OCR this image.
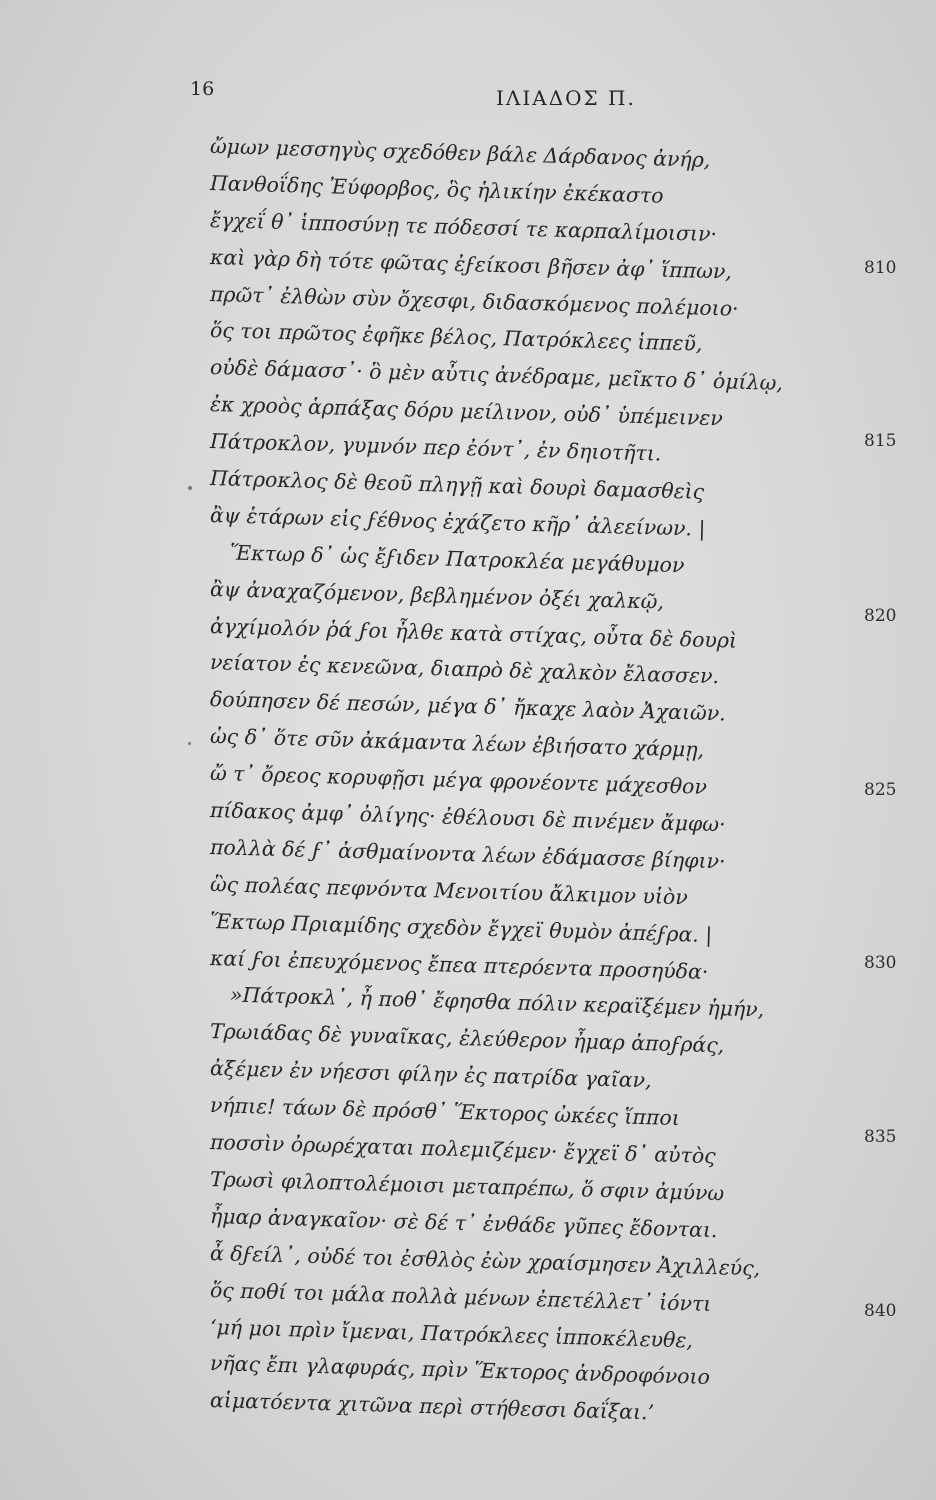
16	ΙΛΙΑΔΟΣ Π.
ὤμων μεσσηγὺς σχεδόθεν βάλε Δάρδανος ἀνήρ,
Πανθοΐδης Ἐύφορβος, ὃς ἡλικίην ἐκέκαστο
ἔγχεΐ θ᾽ ἱπποσύνῃ τε πόδεσσί τε καρπαλίμοισιν·
καὶ γὰρ δὴ τότε φῶτας ἐϝείκοσι βῆσεν ἀφ᾽ ἵππων,
πρῶτ᾽ ἐλθὼν σὺν ὄχεσφι, διδασκόμενος πολέμοιο·
ὅς τοι πρῶτος ἐφῆκε βέλος, Πατρόκλεες ἱππεῦ,
οὐδὲ δάμασσ᾽· ὃ μὲν αὖτις ἀνέδραμε, μεῖκτο δ᾽ ὁμίλῳ,
ἐκ χροὸς ἁρπάξας δόρυ μείλινον, οὐδ᾽ ὑπέμεινεν
Πάτροκλον, γυμνόν περ ἐόντ᾽, ἐν δηιοτῆτι.
Πάτροκλος δὲ θεοῦ πληγῇ καὶ δουρὶ δαμασθεὶς
ἂψ ἑτάρων εἰς ϝέθνος ἐχάζετο κῆρ᾽ ἀλεείνων. |
Ἕκτωρ δ᾽ ὡς ἔϝιδεν Πατροκλέα μεγάθυμον
ἂψ ἀναχαζόμενον, βεβλημένον ὀξέι χαλκῷ,
ἀγχίμολόν ῥά ϝοι ἦλθε κατὰ στίχας, οὖτα δὲ δουρὶ
νείατον ἐς κενεῶνα, διαπρὸ δὲ χαλκὸν ἔλασσεν.
δούπησεν δέ πεσών, μέγα δ᾽ ἤκαχε λαὸν Ἀχαιῶν.
ὡς δ᾽ ὅτε σῦν ἀκάμαντα λέων ἐβιήσατο χάρμῃ,
ὤ τ᾽ ὄρεος κορυφῇσι μέγα φρονέοντε μάχεσθον
πίδακος ἀμφ᾽ ὀλίγης· ἐθέλουσι δὲ πινέμεν ἄμφω·
πολλὰ δέ ϝ᾽ ἀσθμαίνοντα λέων ἐδάμασσε βίηφιν·
ὣς πολέας πεφνόντα Μενοιτίου ἄλκιμον υἱὸν
Ἕκτωρ Πριαμίδης σχεδὸν ἔγχεϊ θυμὸν ἀπέϝρα. |
καί ϝοι ἐπευχόμενος ἔπεα πτερόεντα προσηύδα·
»Πάτροκλ᾽, ἦ ποθ᾽ ἔφησθα πόλιν κεραϊξέμεν ἡμήν,
Τρωιάδας δὲ γυναῖκας, ἐλεύθερον ἦμαρ ἀποϝράς,
ἀξέμεν ἐν νήεσσι φίλην ἐς πατρίδα γαῖαν,
νήπιε! τάων δὲ πρόσθ᾽ Ἕκτορος ὠκέες ἵπποι
ποσσὶν ὀρωρέχαται πολεμιζέμεν· ἔγχεϊ δ᾽ αὐτὸς
Τρωσὶ φιλοπτολέμοισι μεταπρέπω, ὅ σφιν ἀμύνω
ἦμαρ ἀναγκαῖον· σὲ δέ τ᾽ ἐνθάδε γῦπες ἔδονται.
ἆ δϝείλ᾽, οὐδέ τοι ἐσθλὸς ἐὼν χραίσμησεν Ἀχιλλεύς,
ὅς ποθί τοι μάλα πολλὰ μένων ἐπετέλλετ᾽ ἰόντι
‘μή μοι πρὶν ἴμεναι, Πατρόκλεες ἱπποκέλευθε,
νῆας ἔπι γλαφυράς, πρὶν Ἕκτορος ἀνδροφόνοιο
αἱματόεντα χιτῶνα περὶ στήθεσσι δαΐξαι.’
810
815
820
825
830
835
840
